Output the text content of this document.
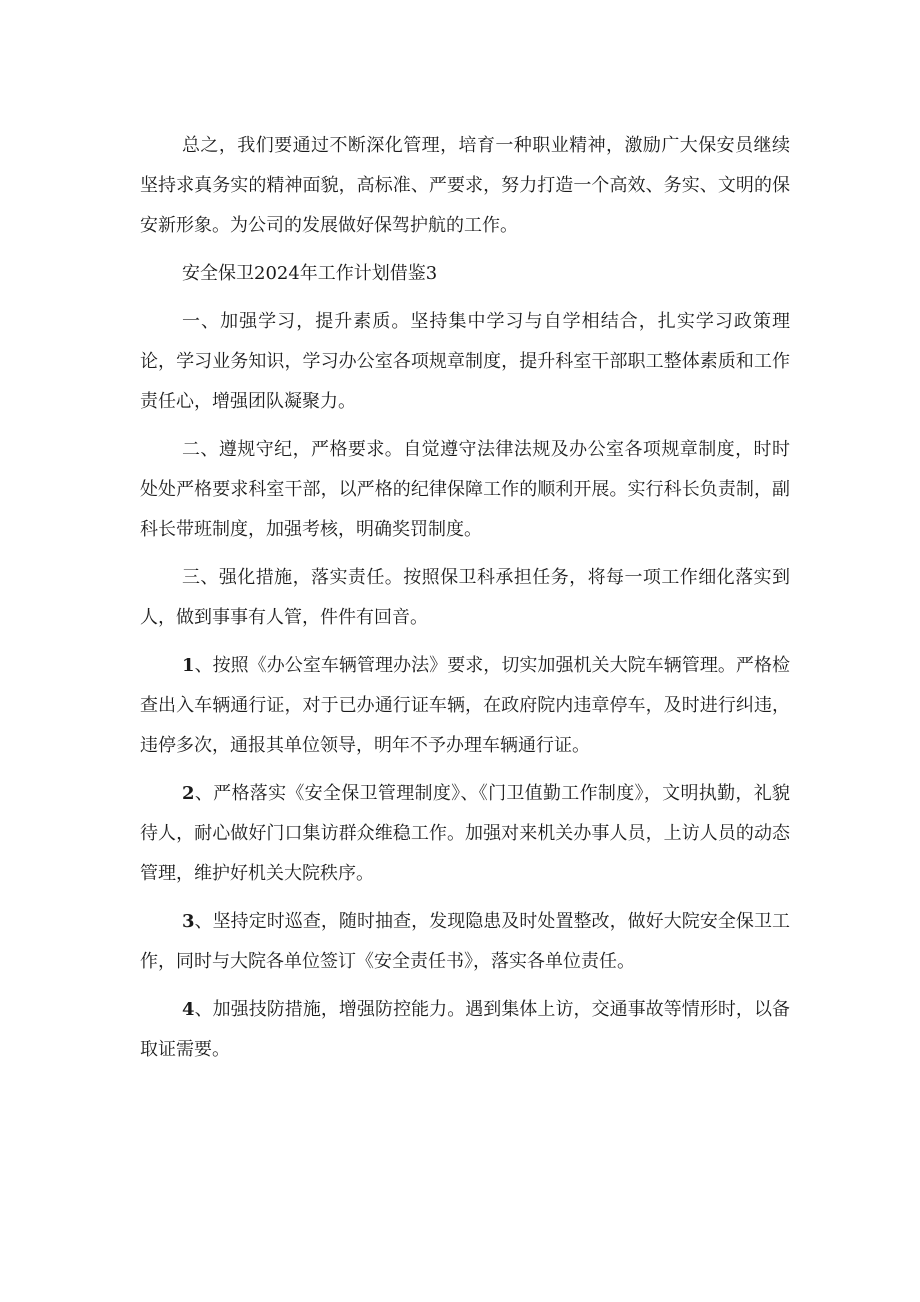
总之，我们要通过不断深化管理，培育一种职业精神，激励广大保安员继续坚持求真务实的精神面貌，高标准、严要求，努力打造一个高效、务实、文明的保安新形象。为公司的发展做好保驾护航的工作。

安全保卫2024年工作计划借鉴3

一、加强学习，提升素质。坚持集中学习与自学相结合，扎实学习政策理论，学习业务知识，学习办公室各项规章制度，提升科室干部职工整体素质和工作责任心，增强团队凝聚力。

二、遵规守纪，严格要求。自觉遵守法律法规及办公室各项规章制度，时时处处严格要求科室干部，以严格的纪律保障工作的顺利开展。实行科长负责制，副科长带班制度，加强考核，明确奖罚制度。

三、强化措施，落实责任。按照保卫科承担任务，将每一项工作细化落实到人，做到事事有人管，件件有回音。

1、按照《办公室车辆管理办法》要求，切实加强机关大院车辆管理。严格检查出入车辆通行证，对于已办通行证车辆，在政府院内违章停车，及时进行纠违，违停多次，通报其单位领导，明年不予办理车辆通行证。

2、严格落实《安全保卫管理制度》、《门卫值勤工作制度》，文明执勤，礼貌待人，耐心做好门口集访群众维稳工作。加强对来机关办事人员，上访人员的动态管理，维护好机关大院秩序。

3、坚持定时巡查，随时抽查，发现隐患及时处置整改，做好大院安全保卫工作，同时与大院各单位签订《安全责任书》，落实各单位责任。

4、加强技防措施，增强防控能力。遇到集体上访，交通事故等情形时，以备取证需要。
